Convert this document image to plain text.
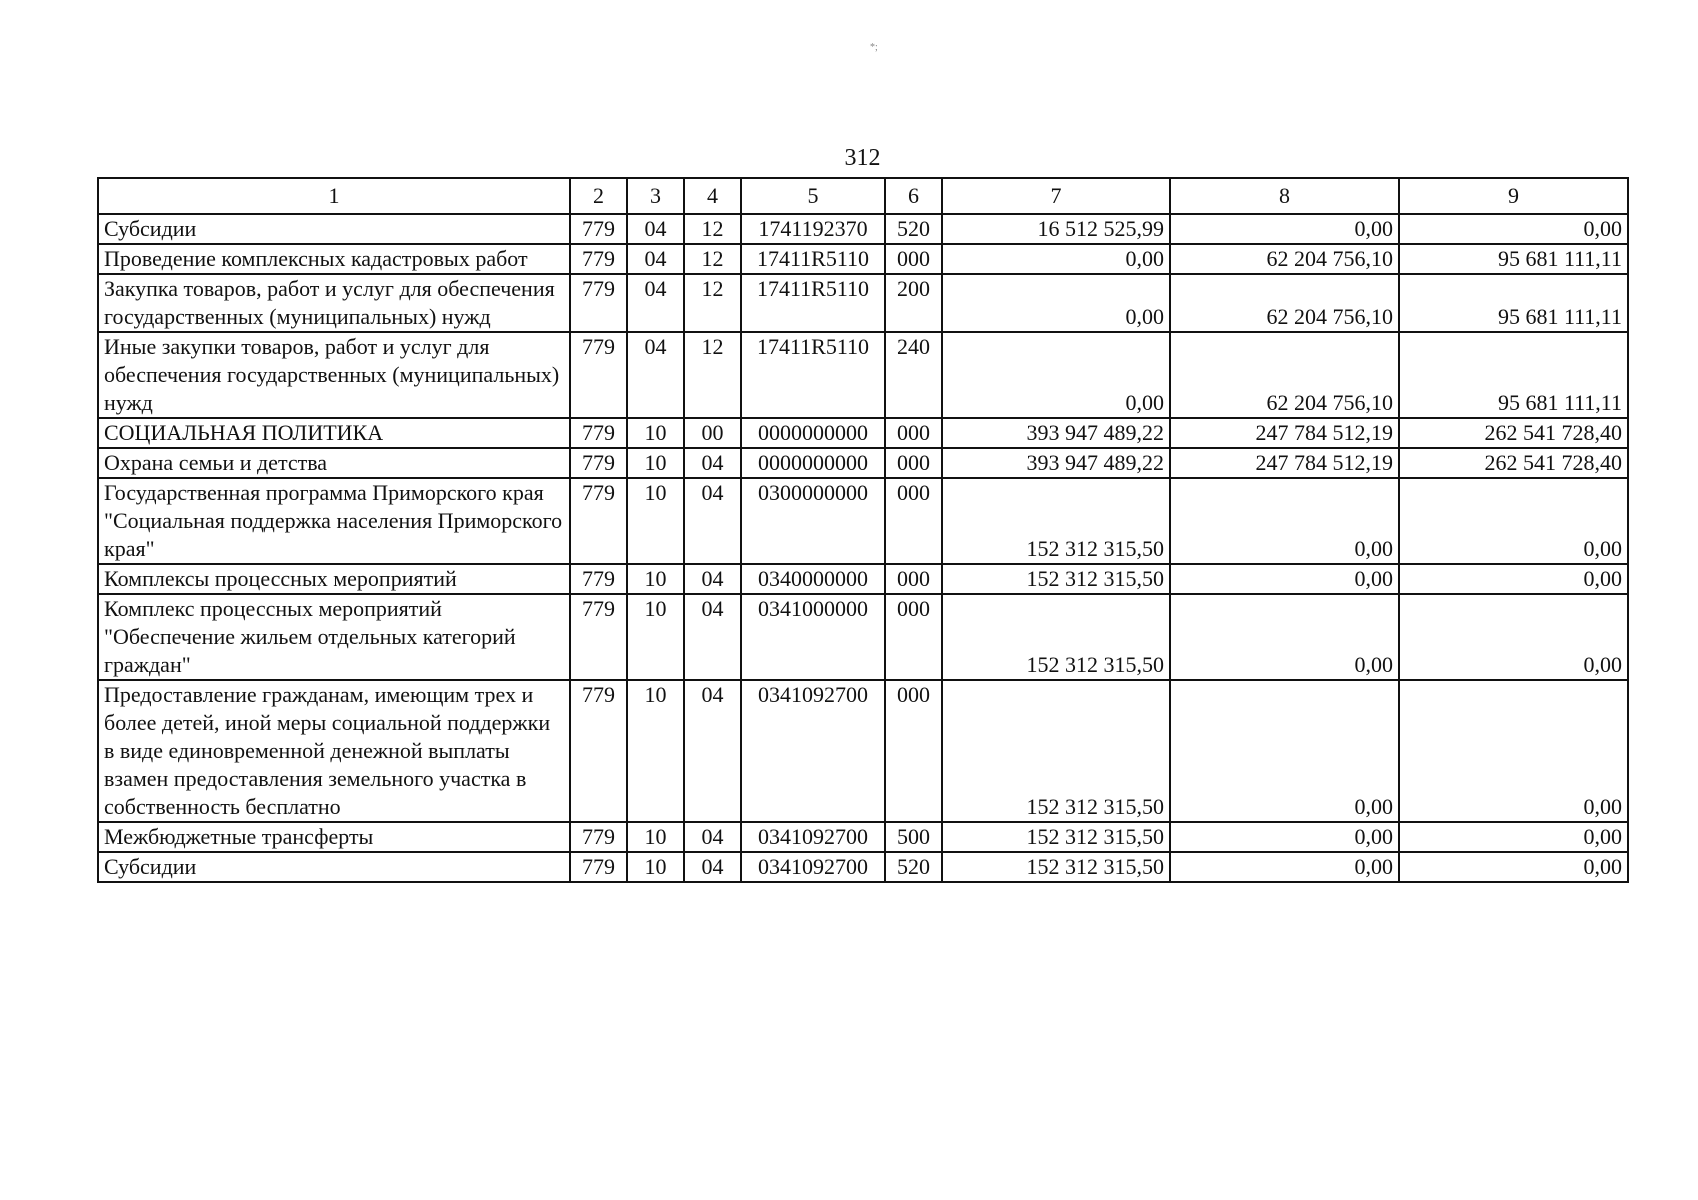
*;
312
1	2	3	4	5	6	7	8	9
Субсидии	779	04	12	1741192370	520	16 512 525,99	0,00	0,00
Проведение комплексных кадастровых работ	779	04	12	17411R5110	000	0,00	62 204 756,10	95 681 111,11
Закупка товаров, работ и услуг для обеспечения государственных (муниципальных) нужд	779	04	12	17411R5110	200	0,00	62 204 756,10	95 681 111,11
Иные закупки товаров, работ и услуг для обеспечения государственных (муниципальных) нужд	779	04	12	17411R5110	240	0,00	62 204 756,10	95 681 111,11
СОЦИАЛЬНАЯ ПОЛИТИКА	779	10	00	0000000000	000	393 947 489,22	247 784 512,19	262 541 728,40
Охрана семьи и детства	779	10	04	0000000000	000	393 947 489,22	247 784 512,19	262 541 728,40
Государственная программа Приморского края "Социальная поддержка населения Приморского края"	779	10	04	0300000000	000	152 312 315,50	0,00	0,00
Комплексы процессных мероприятий	779	10	04	0340000000	000	152 312 315,50	0,00	0,00
Комплекс процессных мероприятий "Обеспечение жильем отдельных категорий граждан"	779	10	04	0341000000	000	152 312 315,50	0,00	0,00
Предоставление гражданам, имеющим трех и более детей, иной меры социальной поддержки в виде единовременной денежной выплаты взамен предоставления земельного участка в собственность бесплатно	779	10	04	0341092700	000	152 312 315,50	0,00	0,00
Межбюджетные трансферты	779	10	04	0341092700	500	152 312 315,50	0,00	0,00
Субсидии	779	10	04	0341092700	520	152 312 315,50	0,00	0,00
